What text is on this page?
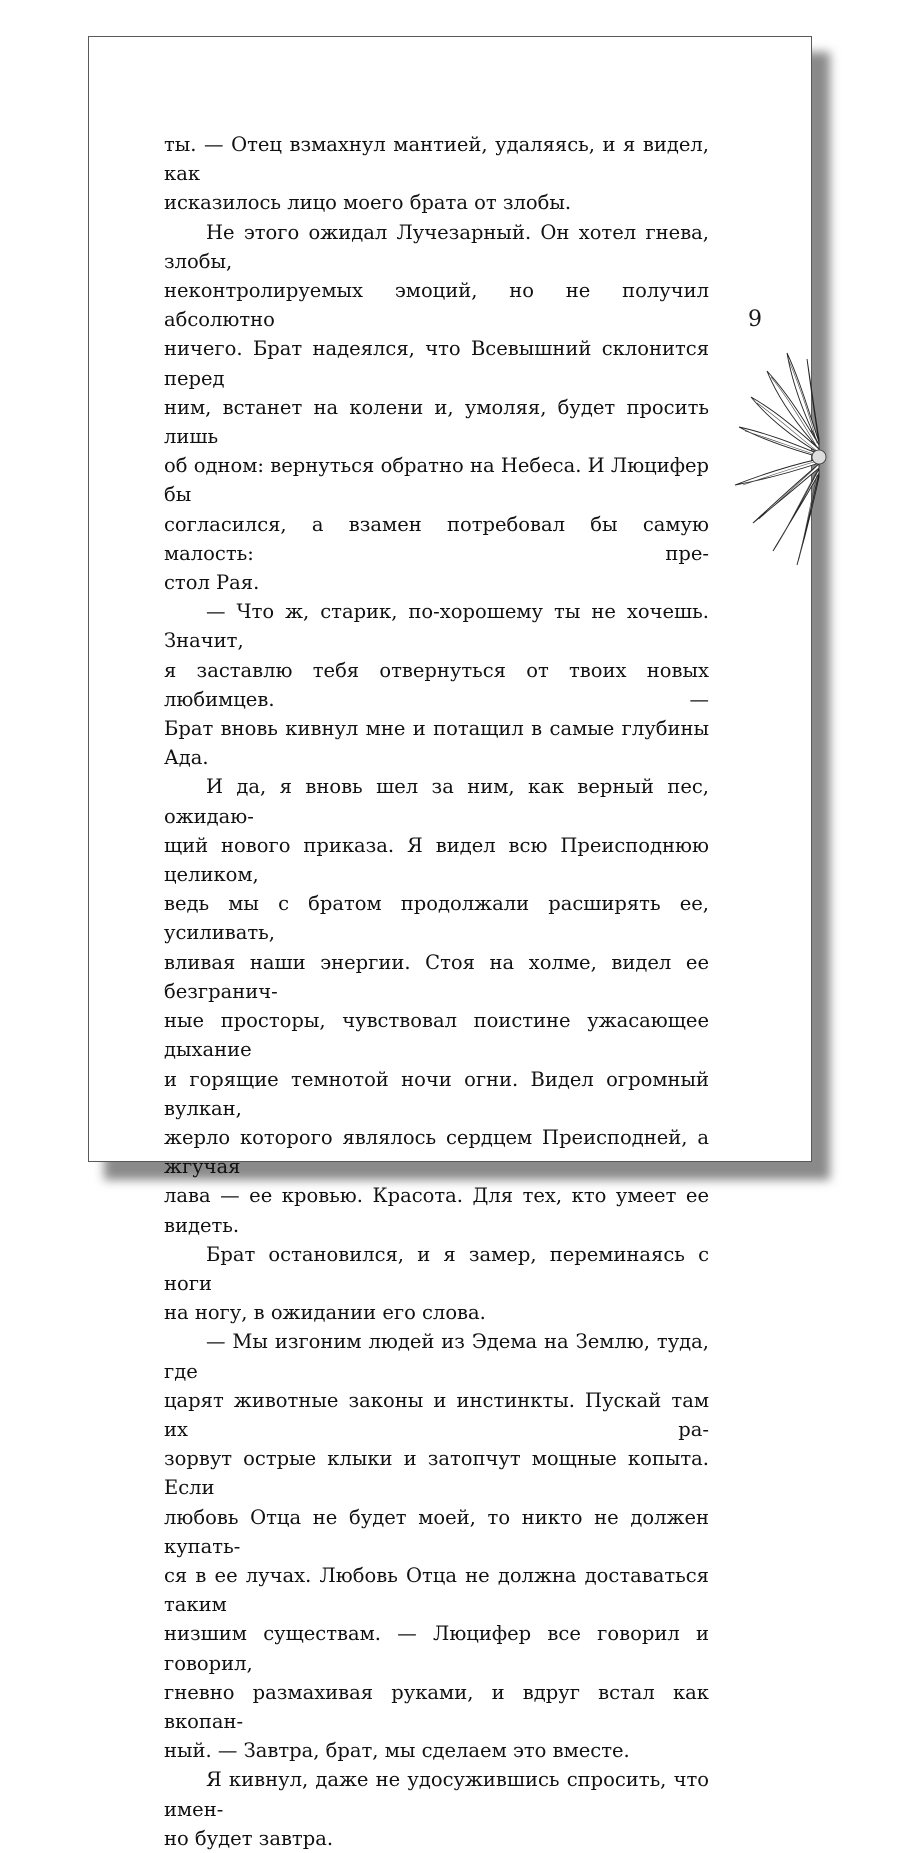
ты. — Отец взмахнул мантией, удаляясь, и я видел, как

исказилось лицо моего брата от злобы.

Не этого ожидал Лучезарный. Он хотел гнева, злобы,

неконтролируемых эмоций, но не получил абсолютно

ничего. Брат надеялся, что Всевышний склонится перед

ним, встанет на колени и, умоляя, будет просить лишь

об одном: вернуться обратно на Небеса. И Люцифер бы

согласился, а взамен потребовал бы самую малость: пре-

стол Рая.

— Что ж, старик, по-хорошему ты не хочешь. Значит,

я заставлю тебя отвернуться от твоих новых любимцев. —

Брат вновь кивнул мне и потащил в самые глубины Ада.

И да, я вновь шел за ним, как верный пес, ожидаю-

щий нового приказа. Я видел всю Преисподнюю целиком,

ведь мы с братом продолжали расширять ее, усиливать,

вливая наши энергии. Стоя на холме, видел ее безгранич-

ные просторы, чувствовал поистине ужасающее дыхание

и горящие темнотой ночи огни. Видел огромный вулкан,

жерло которого являлось сердцем Преисподней, а жгучая

лава — ее кровью. Красота. Для тех, кто умеет ее видеть.

Брат остановился, и я замер, переминаясь с ноги

на ногу, в ожидании его слова.

— Мы изгоним людей из Эдема на Землю, туда, где

царят животные законы и инстинкты. Пускай там их ра-

зорвут острые клыки и затопчут мощные копыта. Если

любовь Отца не будет моей, то никто не должен купать-

ся в ее лучах. Любовь Отца не должна доставаться таким

низшим существам. — Люцифер все говорил и говорил,

гневно размахивая руками, и вдруг встал как вкопан-

ный. — Завтра, брат, мы сделаем это вместе.

Я кивнул, даже не удосужившись спросить, что имен-

но будет завтра.

9
